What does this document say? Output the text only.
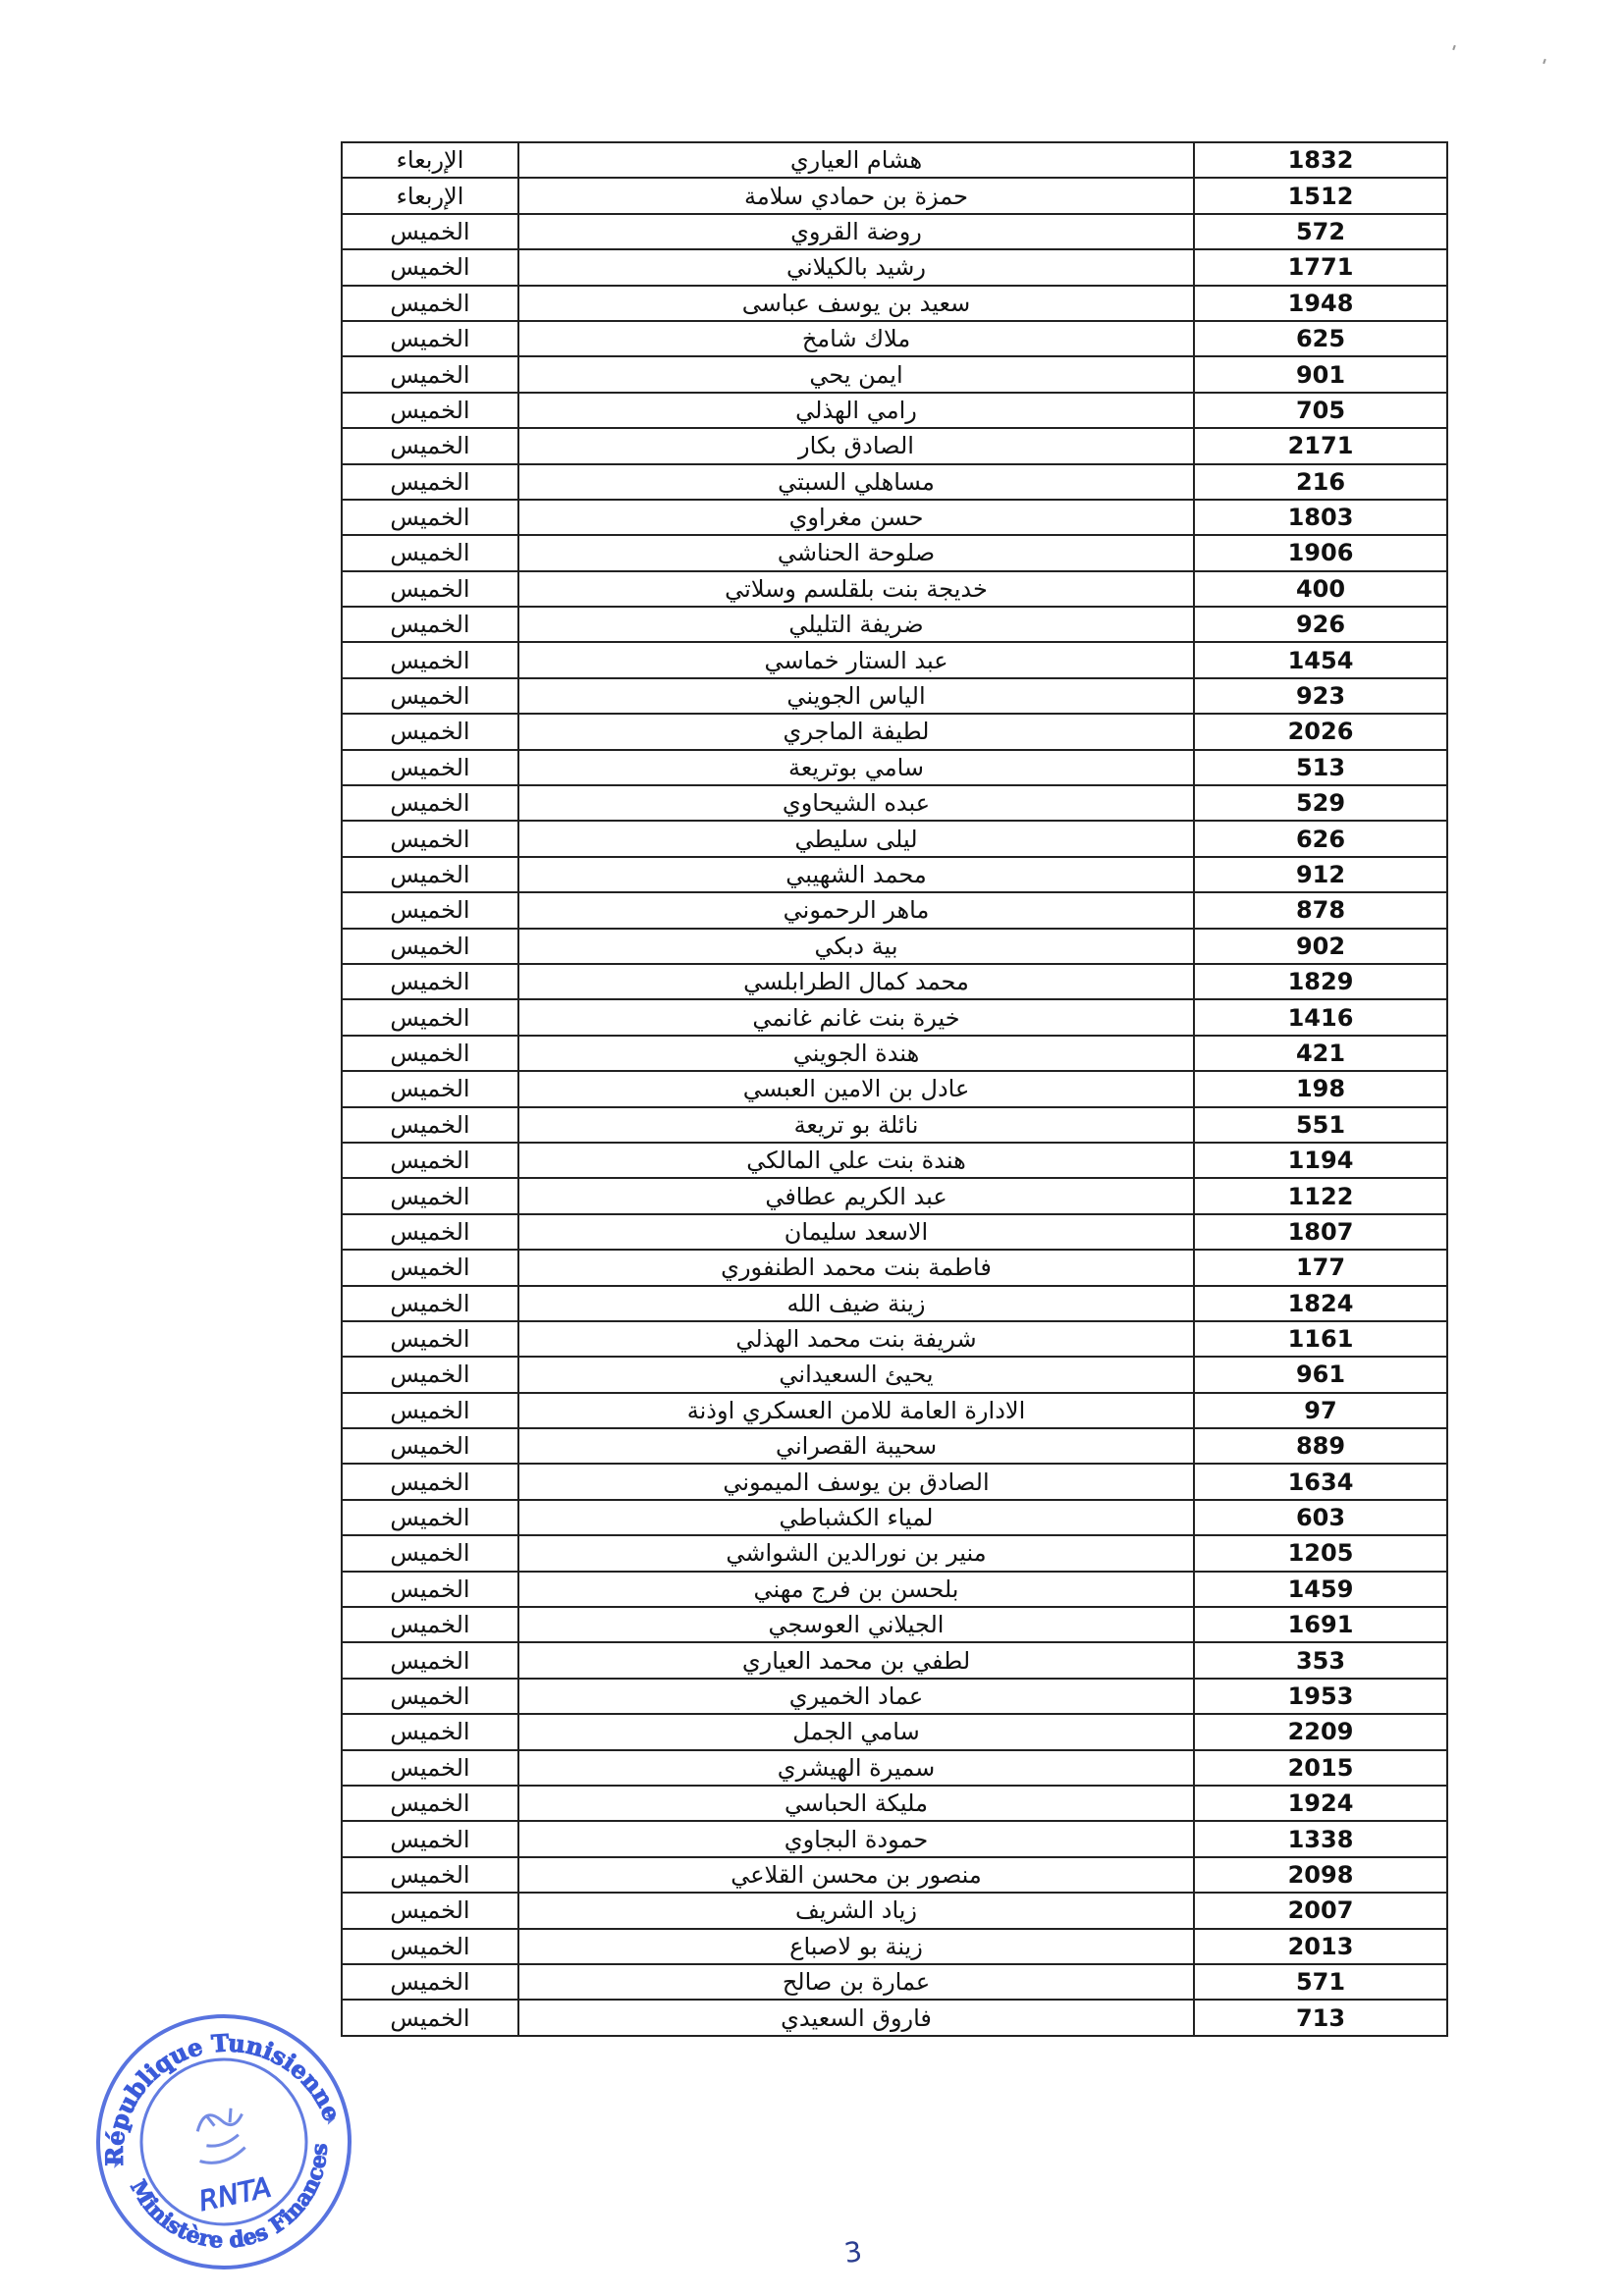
الإربعاء	هشام العياري	1832
الإربعاء	حمزة بن حمادي سلامة	1512
الخميس	روضة القروي	572
الخميس	رشيد بالكيلاني	1771
الخميس	سعيد بن يوسف عباسى	1948
الخميس	ملاك شامخ	625
الخميس	ايمن يحي	901
الخميس	رامي الهذلي	705
الخميس	الصادق بكار	2171
الخميس	مساهلي السبتي	216
الخميس	حسن مغراوي	1803
الخميس	صلوحة الحناشي	1906
الخميس	خديجة بنت بلقلسم وسلاتي	400
الخميس	ضريفة التليلي	926
الخميس	عبد الستار خماسي	1454
الخميس	الياس الجويني	923
الخميس	لطيفة الماجري	2026
الخميس	سامي بوتريعة	513
الخميس	عبده الشيحاوي	529
الخميس	ليلى سليطي	626
الخميس	محمد الشهيبي	912
الخميس	ماهر الرحموني	878
الخميس	بية دبكي	902
الخميس	محمد كمال الطرابلسي	1829
الخميس	خيرة بنت غانم غانمي	1416
الخميس	هندة الجويني	421
الخميس	عادل بن الامين العبسي	198
الخميس	نائلة بو تريعة	551
الخميس	هندة بنت علي المالكي	1194
الخميس	عبد الكريم عطافي	1122
الخميس	الاسعد سليمان	1807
الخميس	فاطمة بنت محمد الطنفوري	177
الخميس	زينة ضيف الله	1824
الخميس	شريفة بنت محمد الهذلي	1161
الخميس	يحيئ السعيداني	961
الخميس	الادارة العامة للامن العسكري اوذنة	97
الخميس	سحيبة القصراني	889
الخميس	الصادق بن يوسف الميموني	1634
الخميس	لمياء الكشباطي	603
الخميس	منير بن نورالدين الشواشي	1205
الخميس	بلحسن بن فرج مهني	1459
الخميس	الجيلاني العوسجي	1691
الخميس	لطفي بن محمد العياري	353
الخميس	عماد الخميري	1953
الخميس	سامي الجمل	2209
الخميس	سميرة الهيشري	2015
الخميس	مليكة الحباسي	1924
الخميس	حمودة البجاوي	1338
الخميس	منصور بن محسن القلاعي	2098
الخميس	زياد الشريف	2007
الخميس	زينة بو لاصباع	2013
الخميس	عمارة بن صالح	571
الخميس	فاروق السعيدي	713
3
République Tunisienne
Ministère des Finances
RNTA
